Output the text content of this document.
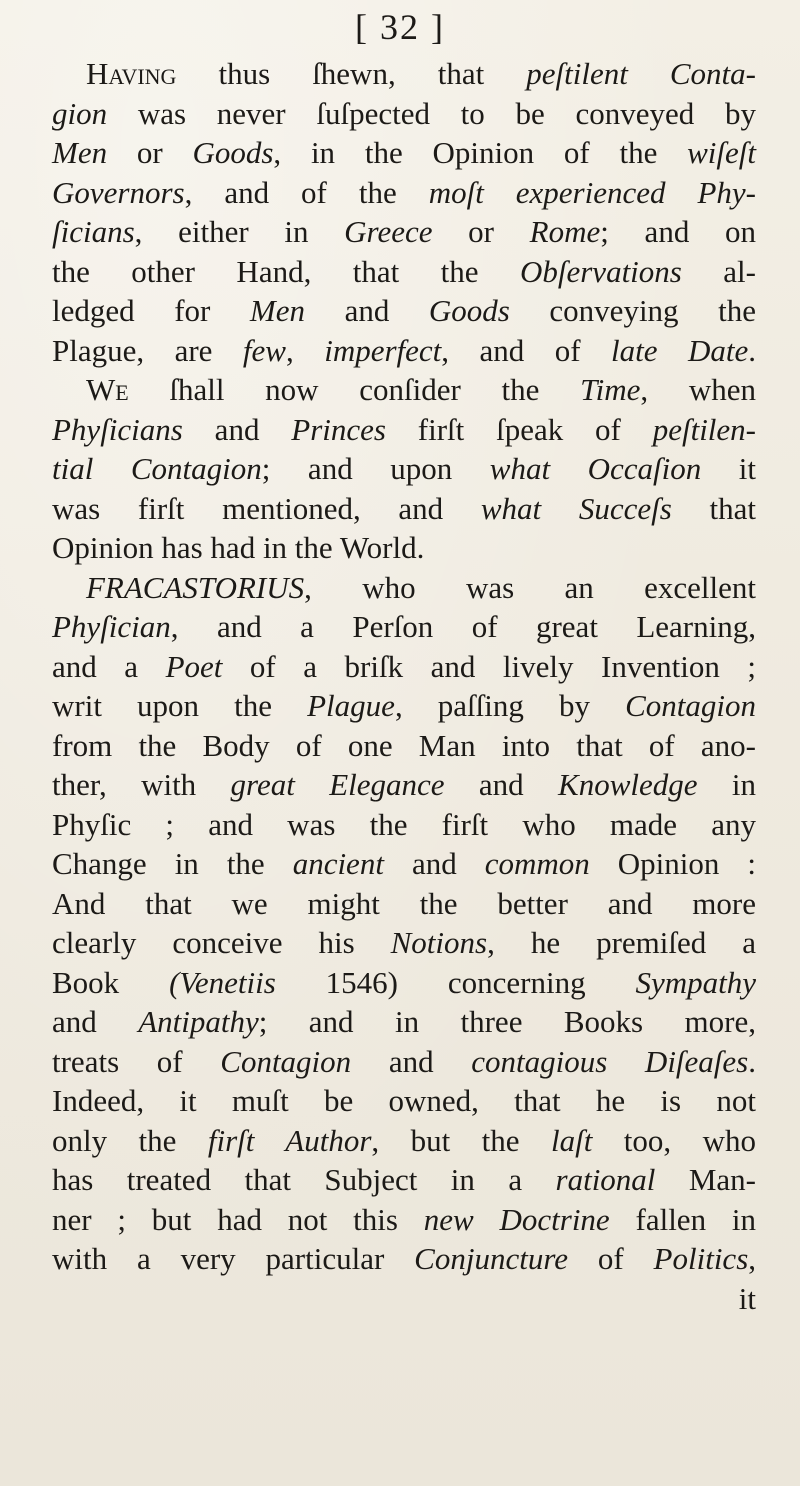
[ 32 ]
Having thus ſhewn, that peſtilent Conta-
gion was never ſuſpected to be conveyed by
Men or Goods, in the Opinion of the wiſeſt
Governors, and of the moſt experienced Phy-
ſicians, either in Greece or Rome; and on
the other Hand, that the Obſervations al-
ledged for Men and Goods conveying the
Plague, are few, imperfect, and of late Date.
We ſhall now conſider the Time, when
Phyſicians and Princes firſt ſpeak of peſtilen-
tial Contagion; and upon what Occaſion it
was firſt mentioned, and what Succeſs that
Opinion has had in the World.
FRACASTORIUS, who was an excellent
Phyſician, and a Perſon of great Learning,
and a Poet of a briſk and lively Invention ;
writ upon the Plague, paſſing by Contagion
from the Body of one Man into that of ano-
ther, with great Elegance and Knowledge in
Phyſic ; and was the firſt who made any
Change in the ancient and common Opinion :
And that we might the better and more
clearly conceive his Notions, he premiſed a
Book (Venetiis 1546) concerning Sympathy
and Antipathy; and in three Books more,
treats of Contagion and contagious Diſeaſes.
Indeed, it muſt be owned, that he is not
only the firſt Author, but the laſt too, who
has treated that Subject in a rational Man-
ner ; but had not this new Doctrine fallen in
with a very particular Conjuncture of Politics,
it
